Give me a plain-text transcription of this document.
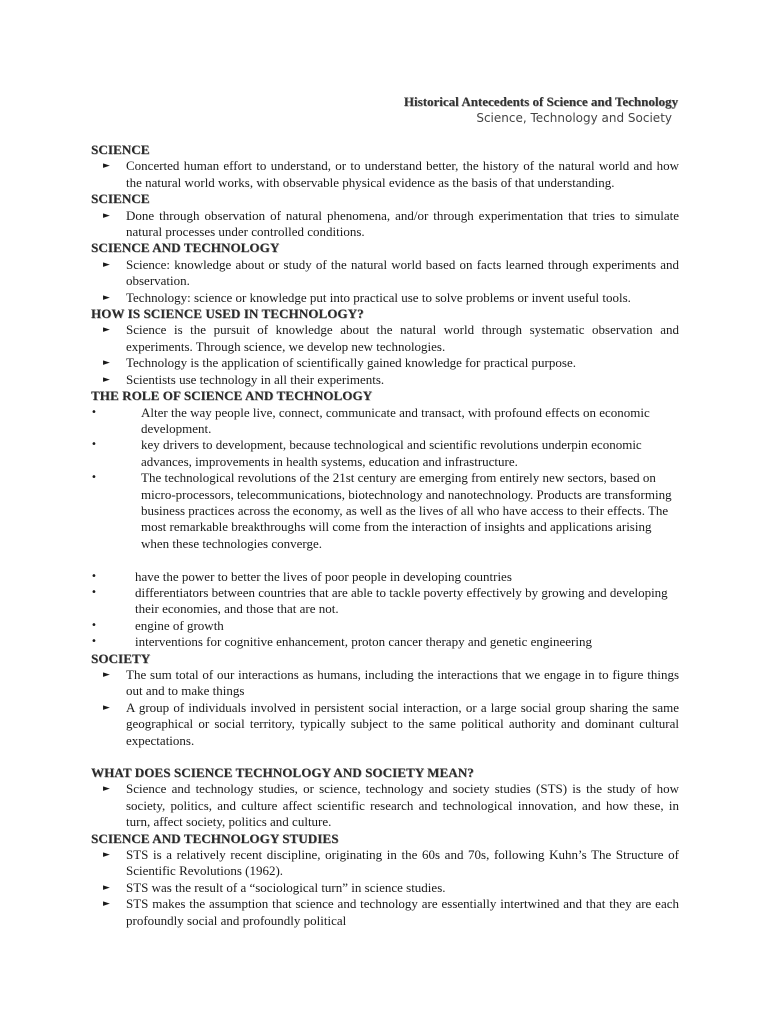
Historical Antecedents of Science and Technology
Science, Technology and Society
SCIENCE
► Concerted human effort to understand, or to understand better, the history of the natural world and how the natural world works, with observable physical evidence as the basis of that understanding.
SCIENCE
► Done through observation of natural phenomena, and/or through experimentation that tries to simulate natural processes under controlled conditions.
SCIENCE AND TECHNOLOGY
► Science: knowledge about or study of the natural world based on facts learned through experiments and observation.
► Technology: science or knowledge put into practical use to solve problems or invent useful tools.
HOW IS SCIENCE USED IN TECHNOLOGY?
► Science is the pursuit of knowledge about the natural world through systematic observation and experiments. Through science, we develop new technologies.
► Technology is the application of scientifically gained knowledge for practical purpose.
► Scientists use technology in all their experiments.
THE ROLE OF SCIENCE AND TECHNOLOGY
•	Alter the way people live, connect, communicate and transact, with profound effects on economic development.
•	key drivers to development, because technological and scientific revolutions underpin economic advances, improvements in health systems, education and infrastructure.
•	The technological revolutions of the 21st century are emerging from entirely new sectors, based on micro-processors, telecommunications, biotechnology and nanotechnology. Products are transforming business practices across the economy, as well as the lives of all who have access to their effects. The most remarkable breakthroughs will come from the interaction of insights and applications arising when these technologies converge.
•	have the power to better the lives of poor people in developing countries
•	differentiators between countries that are able to tackle poverty effectively by growing and developing their economies, and those that are not.
•	engine of growth
•	interventions for cognitive enhancement, proton cancer therapy and genetic engineering
SOCIETY
► The sum total of our interactions as humans, including the interactions that we engage in to figure things out and to make things
► A group of individuals involved in persistent social interaction, or a large social group sharing the same geographical or social territory, typically subject to the same political authority and dominant cultural expectations.
WHAT DOES SCIENCE TECHNOLOGY AND SOCIETY MEAN?
► Science and technology studies, or science, technology and society studies (STS) is the study of how society, politics, and culture affect scientific research and technological innovation, and how these, in turn, affect society, politics and culture.
SCIENCE AND TECHNOLOGY STUDIES
► STS is a relatively recent discipline, originating in the 60s and 70s, following Kuhn’s The Structure of Scientific Revolutions (1962).
► STS was the result of a “sociological turn” in science studies.
► STS makes the assumption that science and technology are essentially intertwined and that they are each profoundly social and profoundly political
